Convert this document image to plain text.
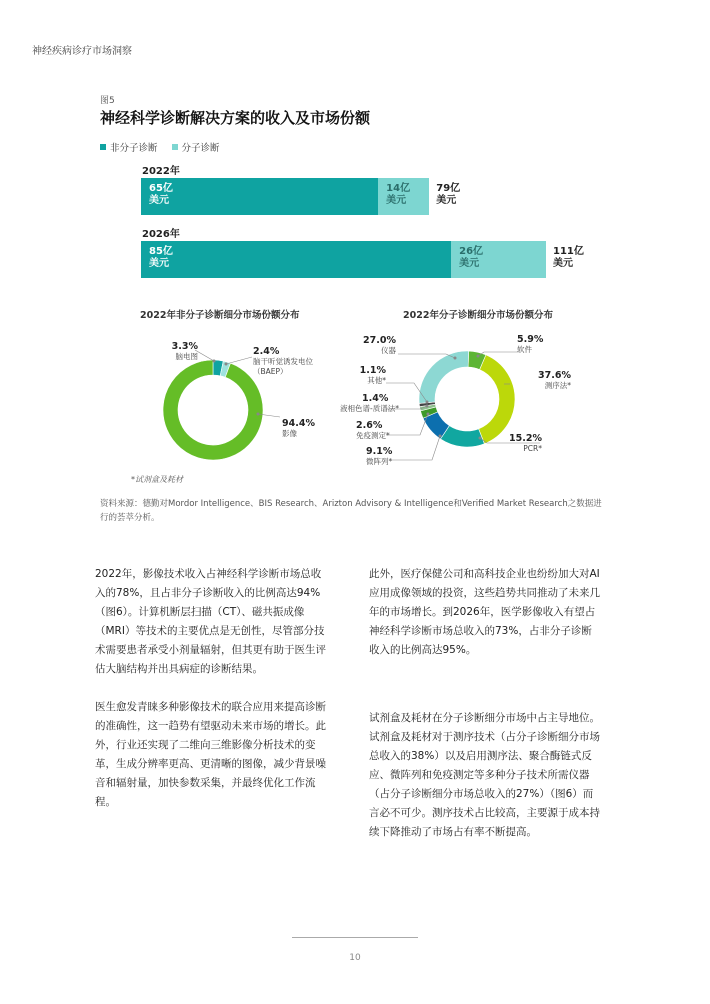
神经疾病诊疗市场洞察
图5
神经科学诊断解决方案的收入及市场份额
非分子诊断	分子诊断
2022年
65亿
美元
14亿
美元
79亿
美元
2026年
85亿
美元
26亿
美元
111亿
美元
2022年非分子诊断细分市场份额分布	2022年分子诊断细分市场份额分布
3.3%
脑电图	2.4%
脑干听觉诱发电位（BAEP）
94.4%
影像
27.0%
仪器
5.9%
软件
37.6%
测序法*
1.1%
其他*
1.4%
液相色谱-质谱法*
2.6%
免疫测定*
9.1%
微阵列*
15.2%
PCR*
*试剂盒及耗材
资料来源：德勤对Mordor Intelligence、BIS Research、Arizton Advisory & Intelligence和Verified Market Research之数据进行的荟萃分析。

2022年，影像技术收入占神经科学诊断市场总收入的78%，且占非分子诊断收入的比例高达94%（图6）。计算机断层扫描（CT）、磁共振成像（MRI）等技术的主要优点是无创性，尽管部分技术需要患者承受小剂量辐射，但其更有助于医生评估大脑结构并出具病症的诊断结果。

医生愈发青睐多种影像技术的联合应用来提高诊断的准确性，这一趋势有望驱动未来市场的增长。此外，行业还实现了二维向三维影像分析技术的变革，生成分辨率更高、更清晰的图像，减少背景噪音和辐射量，加快参数采集，并最终优化工作流程。

此外，医疗保健公司和高科技企业也纷纷加大对AI应用成像领域的投资，这些趋势共同推动了未来几年的市场增长。到2026年，医学影像收入有望占神经科学诊断市场总收入的73%，占非分子诊断收入的比例高达95%。

试剂盒及耗材在分子诊断细分市场中占主导地位。试剂盒及耗材对于测序技术（占分子诊断细分市场总收入的38%）以及启用测序法、聚合酶链式反应、微阵列和免疫测定等多种分子技术所需仪器（占分子诊断细分市场总收入的27%）（图6）而言必不可少。测序技术占比较高，主要源于成本持续下降推动了市场占有率不断提高。

10
